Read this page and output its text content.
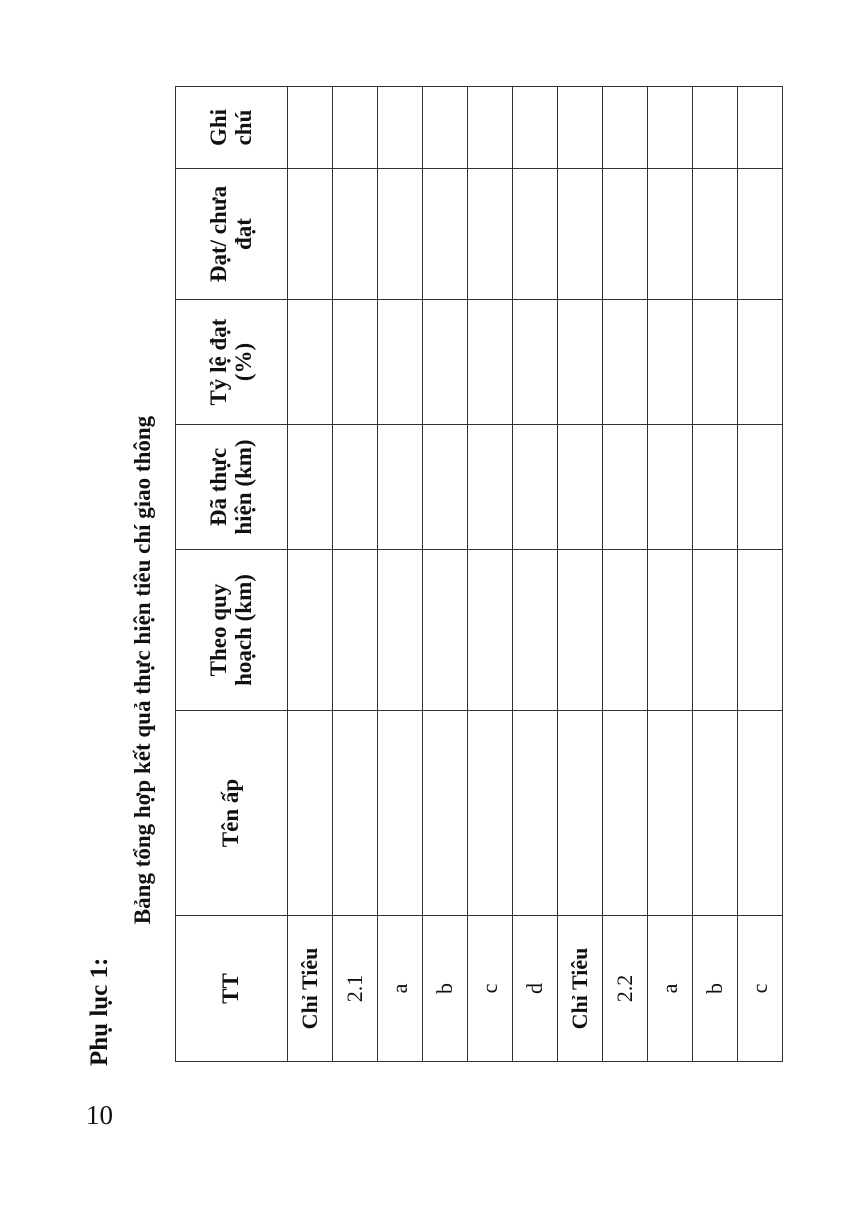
10
Phụ lục 1:
Bảng tổng hợp kết quả thực hiện tiêu chí giao thông
TT	Tên ấp	Theo quy hoạch (km)	Đã thực hiện (km)	Tỷ lệ đạt (%)	Đạt/ chưa đạt	Ghi chú
Chỉ Tiêu						
2.1						
a						
b						
c						
d						
Chỉ Tiêu						
2.2						
a						
b						
c						
